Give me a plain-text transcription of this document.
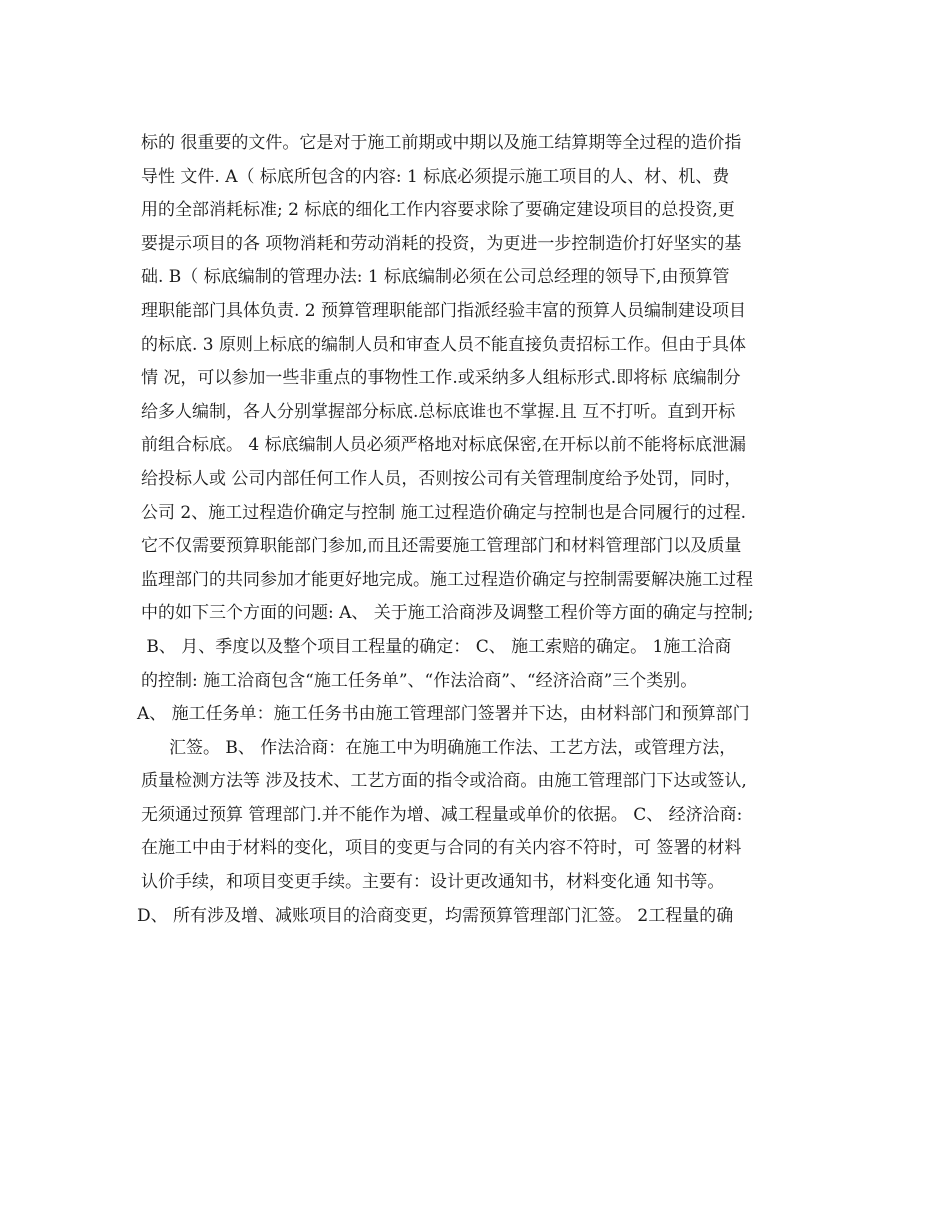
标的 很重要的文件。它是对于施工前期或中期以及施工结算期等全过程的造价指
导性 文件. A（ 标底所包含的内容: 1 标底必须提示施工项目的人、材、机、费
用的全部消耗标准; 2 标底的细化工作内容要求除了要确定建设项目的总投资,更
要提示项目的各 项物消耗和劳动消耗的投资，为更进一步控制造价打好坚实的基
础. B（ 标底编制的管理办法: 1 标底编制必须在公司总经理的领导下,由预算管
理职能部门具体负责. 2 预算管理职能部门指派经验丰富的预算人员编制建设项目
的标底. 3 原则上标底的编制人员和审查人员不能直接负责招标工作。但由于具体
情 况，可以参加一些非重点的事物性工作.或采纳多人组标形式.即将标 底编制分
给多人编制，各人分别掌握部分标底.总标底谁也不掌握.且 互不打听。直到开标
前组合标底。 4 标底编制人员必须严格地对标底保密,在开标以前不能将标底泄漏
给投标人或 公司内部任何工作人员，否则按公司有关管理制度给予处罚，同时，
公司 2、施工过程造价确定与控制 施工过程造价确定与控制也是合同履行的过程.
它不仅需要预算职能部门参加,而且还需要施工管理部门和材料管理部门以及质量
监理部门的共同参加才能更好地完成。施工过程造价确定与控制需要解决施工过程
中的如下三个方面的问题: A、 关于施工洽商涉及调整工程价等方面的确定与控制;
B、 月、季度以及整个项目工程量的确定： C、 施工索赔的确定。 1施工洽商
的控制: 施工洽商包含“施工任务单”、“作法洽商”、“经济洽商”三个类别。
A、 施工任务单：施工任务书由施工管理部门签署并下达，由材料部门和预算部门
汇签。 B、 作法洽商：在施工中为明确施工作法、工艺方法，或管理方法，
质量检测方法等 涉及技术、工艺方面的指令或洽商。由施工管理部门下达或签认,
无须通过预算 管理部门.并不能作为增、减工程量或单价的依据。 C、 经济洽商:
在施工中由于材料的变化，项目的变更与合同的有关内容不符时，可 签署的材料
认价手续，和项目变更手续。主要有：设计更改通知书，材料变化通 知书等。
D、 所有涉及增、减账项目的洽商变更，均需预算管理部门汇签。 2工程量的确
